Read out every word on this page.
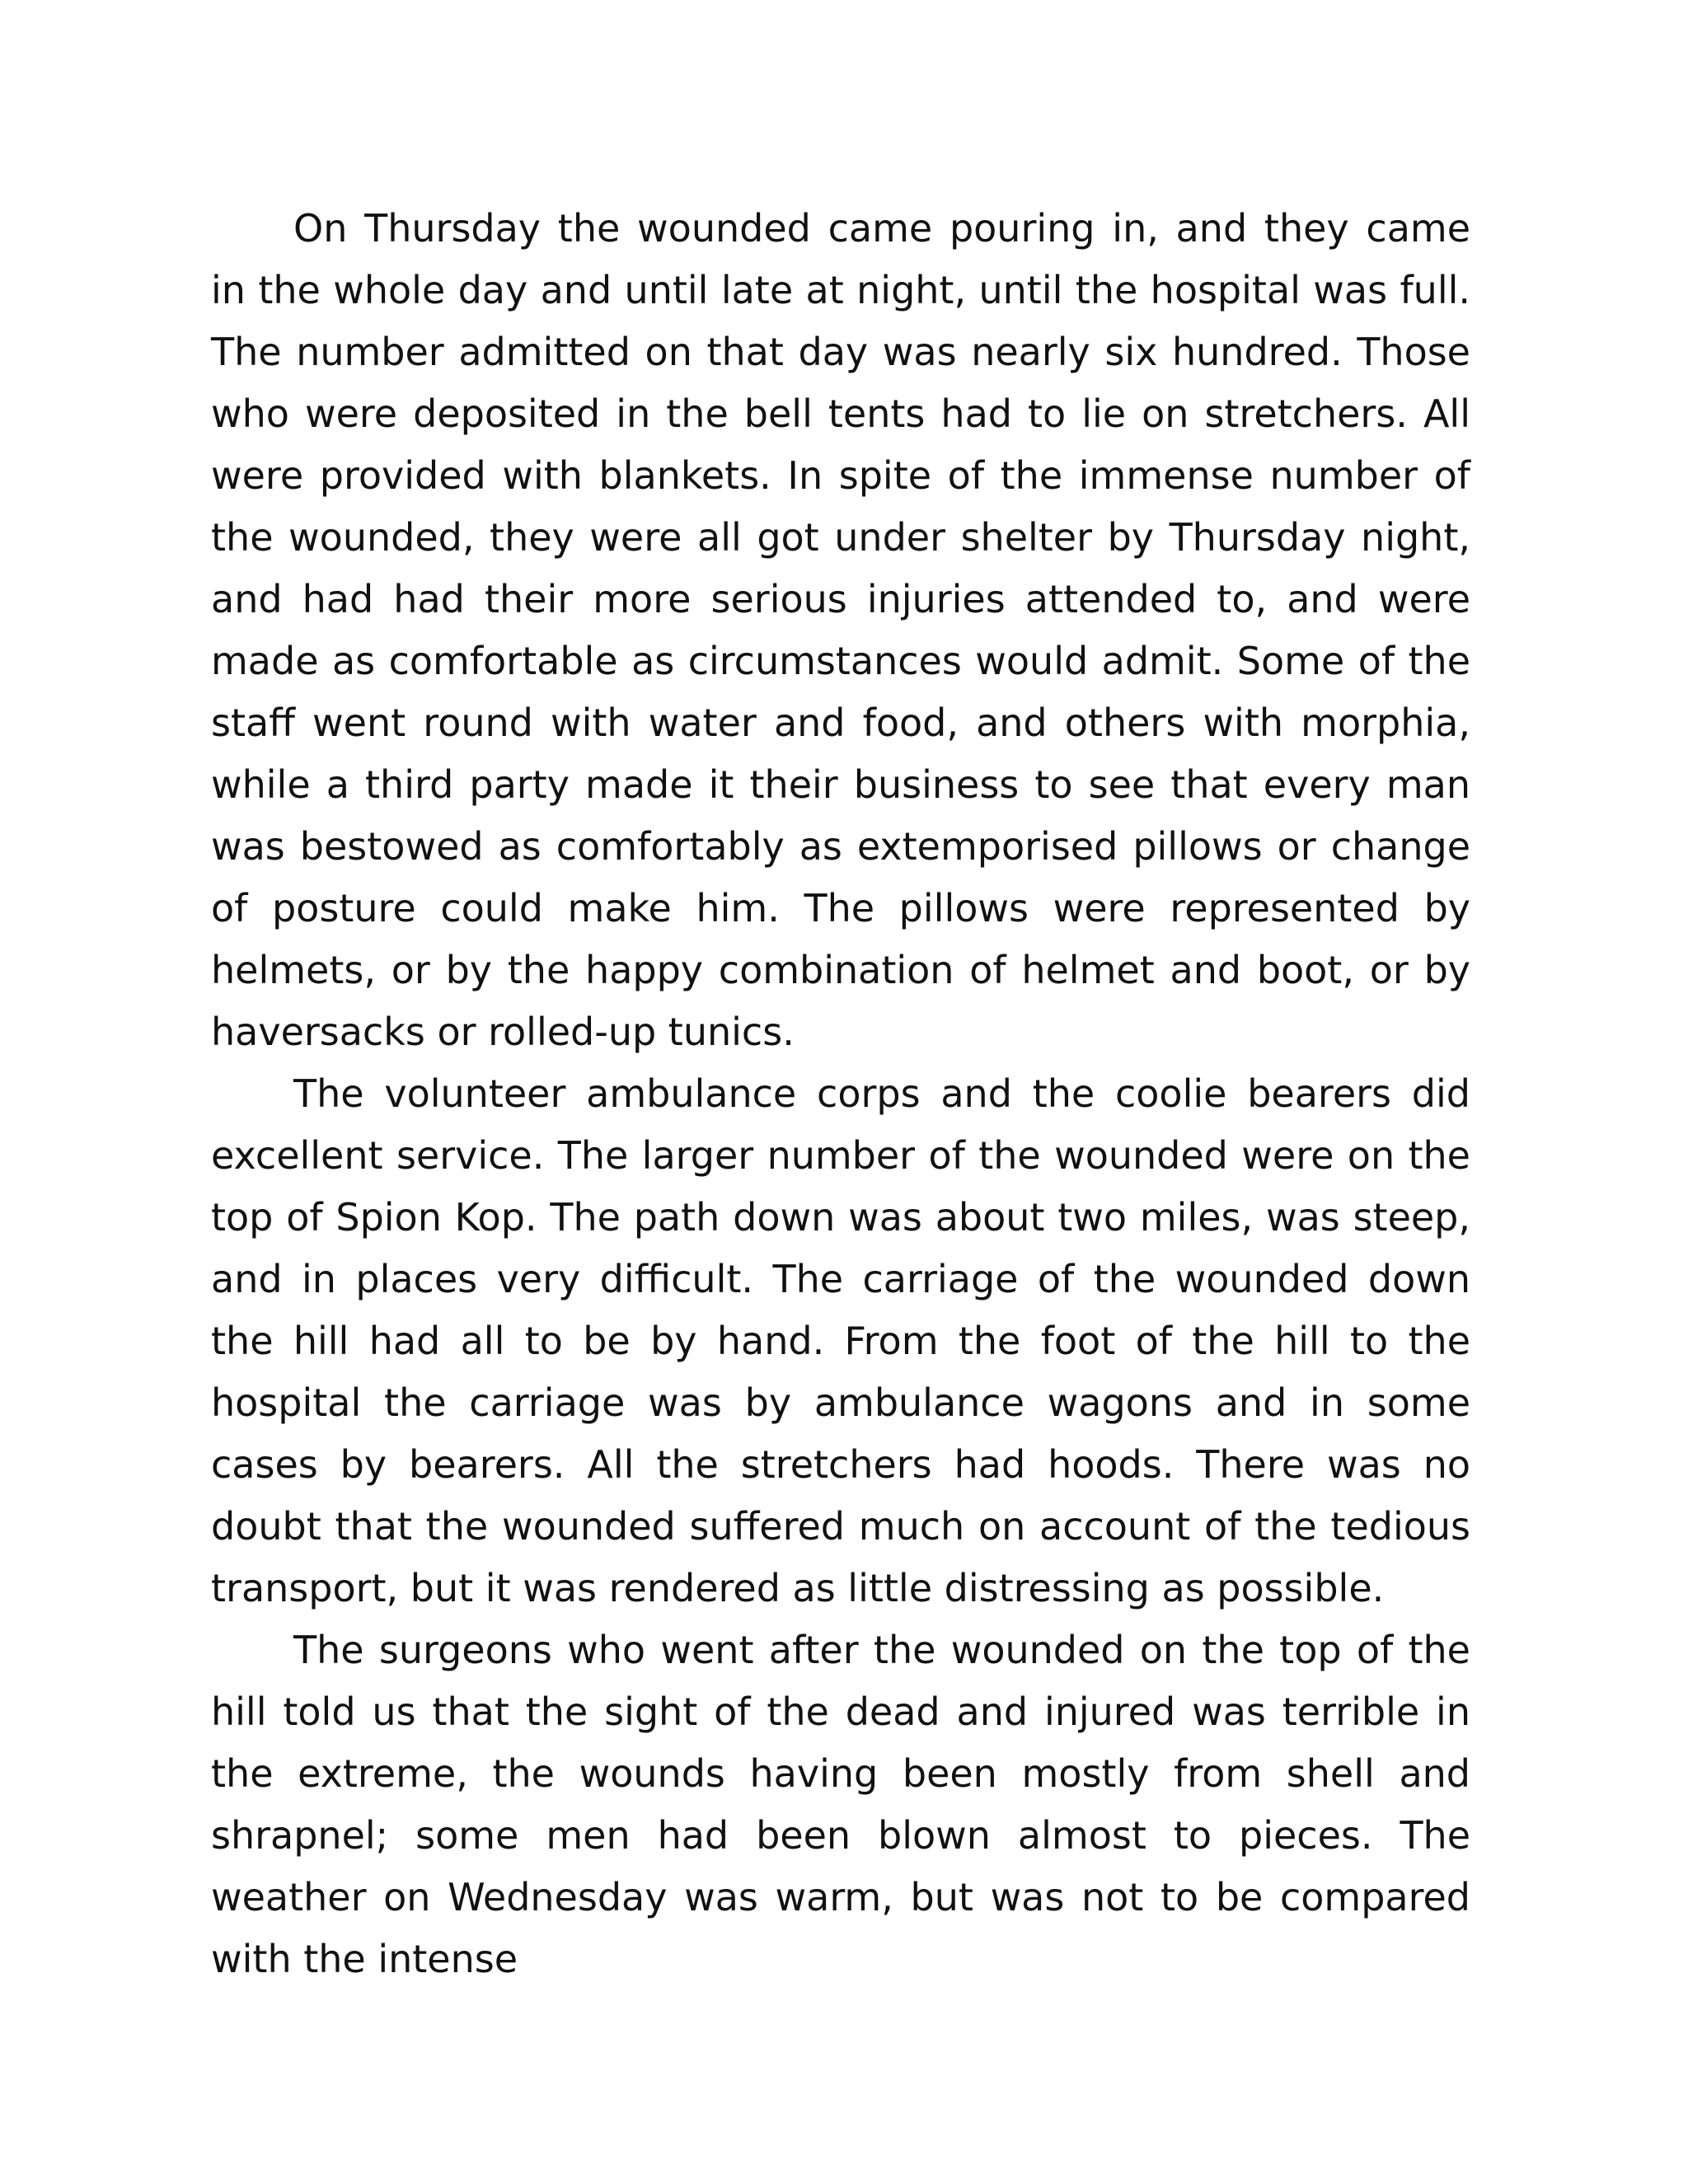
On Thursday the wounded came pouring in, and they came in the whole day and until late at night, until the hospital was full. The number admitted on that day was nearly six hundred. Those who were deposited in the bell tents had to lie on stretchers. All were provided with blankets. In spite of the immense number of the wounded, they were all got under shelter by Thursday night, and had had their more serious injuries attended to, and were made as comfortable as circumstances would admit. Some of the staff went round with water and food, and others with morphia, while a third party made it their business to see that every man was bestowed as comfortably as extemporised pillows or change of posture could make him. The pillows were represented by helmets, or by the happy combination of helmet and boot, or by haversacks or rolled-up tunics.

The volunteer ambulance corps and the coolie bearers did excellent service. The larger number of the wounded were on the top of Spion Kop. The path down was about two miles, was steep, and in places very difficult. The carriage of the wounded down the hill had all to be by hand. From the foot of the hill to the hospital the carriage was by ambulance wagons and in some cases by bearers. All the stretchers had hoods. There was no doubt that the wounded suffered much on account of the tedious transport, but it was rendered as little distressing as possible.

The surgeons who went after the wounded on the top of the hill told us that the sight of the dead and injured was terrible in the extreme, the wounds having been mostly from shell and shrapnel; some men had been blown almost to pieces. The weather on Wednesday was warm, but was not to be compared with the intense
